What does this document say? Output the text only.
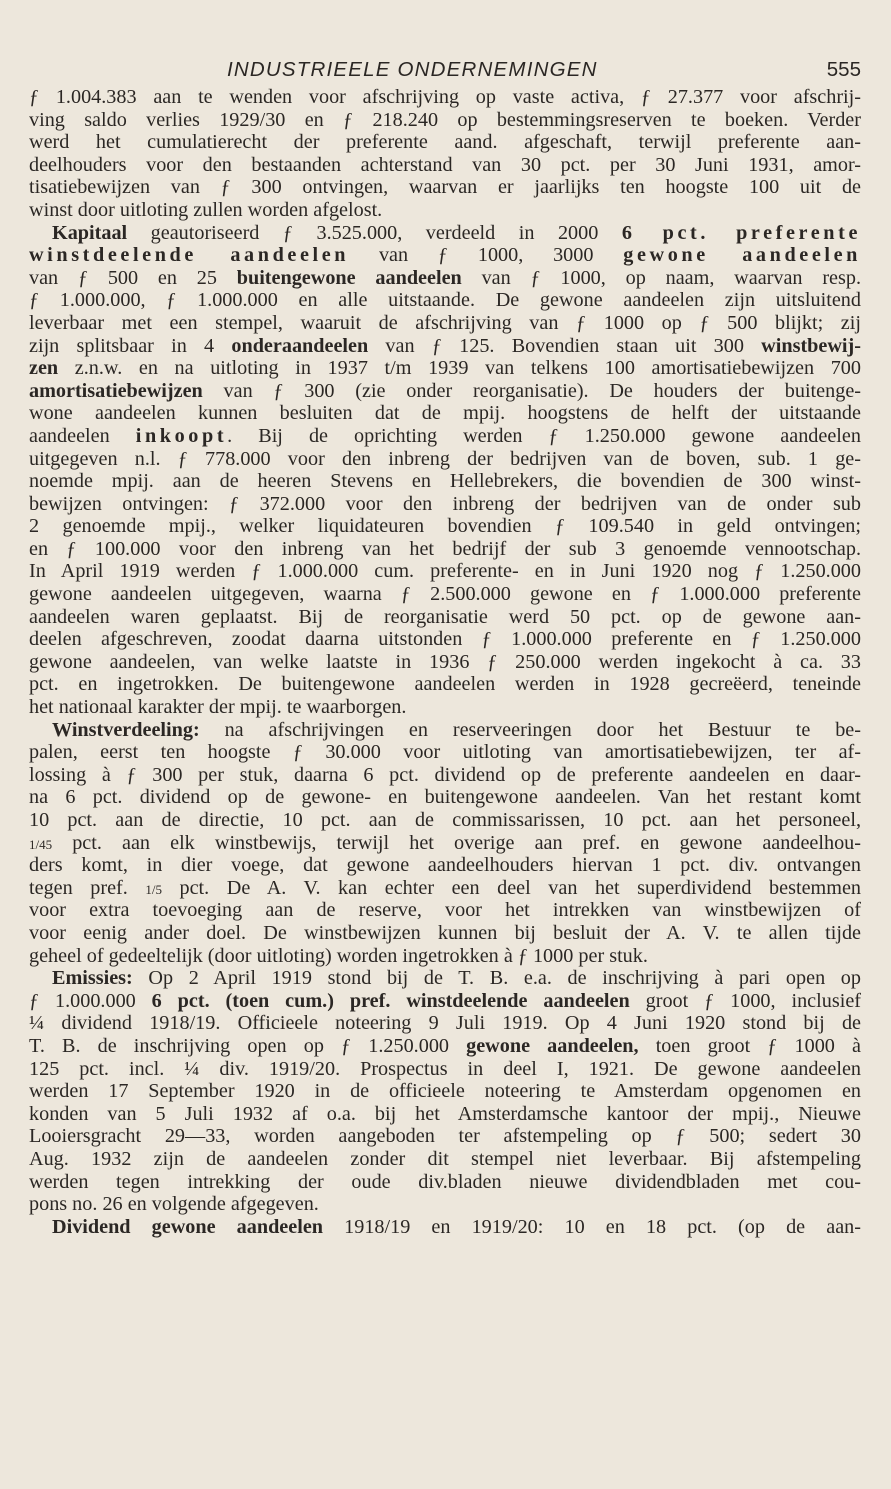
INDUSTRIEELE ONDERNEMINGEN	555
ƒ 1.004.383 aan te wenden voor afschrijving op vaste activa, ƒ 27.377 voor afschrij-
ving saldo verlies 1929/30 en ƒ 218.240 op bestemmingsreserven te boeken. Verder
werd het cumulatierecht der preferente aand. afgeschaft, terwijl preferente aan-
deelhouders voor den bestaanden achterstand van 30 pct. per 30 Juni 1931, amor-
tisatiebewijzen van ƒ 300 ontvingen, waarvan er jaarlijks ten hoogste 100 uit de
winst door uitloting zullen worden afgelost.
Kapitaal geautoriseerd ƒ 3.525.000, verdeeld in 2000 6 pct. preferente
winstdeelende aandeelen van ƒ 1000, 3000 gewone aandeelen
van ƒ 500 en 25 buitengewone aandeelen van ƒ 1000, op naam, waarvan resp.
ƒ 1.000.000, ƒ 1.000.000 en alle uitstaande. De gewone aandeelen zijn uitsluitend
leverbaar met een stempel, waaruit de afschrijving van ƒ 1000 op ƒ 500 blijkt; zij
zijn splitsbaar in 4 onderaandeelen van ƒ 125. Bovendien staan uit 300 winstbewij-
zen z.n.w. en na uitloting in 1937 t/m 1939 van telkens 100 amortisatiebewijzen 700
amortisatiebewijzen van ƒ 300 (zie onder reorganisatie). De houders der buitenge-
wone aandeelen kunnen besluiten dat de mpij. hoogstens de helft der uitstaande
aandeelen inkoopt. Bij de oprichting werden ƒ 1.250.000 gewone aandeelen
uitgegeven n.l. ƒ 778.000 voor den inbreng der bedrijven van de boven, sub. 1 ge-
noemde mpij. aan de heeren Stevens en Hellebrekers, die bovendien de 300 winst-
bewijzen ontvingen: ƒ 372.000 voor den inbreng der bedrijven van de onder sub
2 genoemde mpij., welker liquidateuren bovendien ƒ 109.540 in geld ontvingen;
en ƒ 100.000 voor den inbreng van het bedrijf der sub 3 genoemde vennootschap.
In April 1919 werden ƒ 1.000.000 cum. preferente- en in Juni 1920 nog ƒ 1.250.000
gewone aandeelen uitgegeven, waarna ƒ 2.500.000 gewone en ƒ 1.000.000 preferente
aandeelen waren geplaatst. Bij de reorganisatie werd 50 pct. op de gewone aan-
deelen afgeschreven, zoodat daarna uitstonden ƒ 1.000.000 preferente en ƒ 1.250.000
gewone aandeelen, van welke laatste in 1936 ƒ 250.000 werden ingekocht à ca. 33
pct. en ingetrokken. De buitengewone aandeelen werden in 1928 gecreëerd, teneinde
het nationaal karakter der mpij. te waarborgen.
Winstverdeeling: na afschrijvingen en reserveeringen door het Bestuur te be-
palen, eerst ten hoogste ƒ 30.000 voor uitloting van amortisatiebewijzen, ter af-
lossing à ƒ 300 per stuk, daarna 6 pct. dividend op de preferente aandeelen en daar-
na 6 pct. dividend op de gewone- en buitengewone aandeelen. Van het restant komt
10 pct. aan de directie, 10 pct. aan de commissarissen, 10 pct. aan het personeel,
1/45 pct. aan elk winstbewijs, terwijl het overige aan pref. en gewone aandeelhou-
ders komt, in dier voege, dat gewone aandeelhouders hiervan 1 pct. div. ontvangen
tegen pref. 1/5 pct. De A. V. kan echter een deel van het superdividend bestemmen
voor extra toevoeging aan de reserve, voor het intrekken van winstbewijzen of
voor eenig ander doel. De winstbewijzen kunnen bij besluit der A. V. te allen tijde
geheel of gedeeltelijk (door uitloting) worden ingetrokken à ƒ 1000 per stuk.
Emissies: Op 2 April 1919 stond bij de T. B. e.a. de inschrijving à pari open op
ƒ 1.000.000 6 pct. (toen cum.) pref. winstdeelende aandeelen groot ƒ 1000, inclusief
¼ dividend 1918/19. Officieele noteering 9 Juli 1919. Op 4 Juni 1920 stond bij de
T. B. de inschrijving open op ƒ 1.250.000 gewone aandeelen, toen groot ƒ 1000 à
125 pct. incl. ¼ div. 1919/20. Prospectus in deel I, 1921. De gewone aandeelen
werden 17 September 1920 in de officieele noteering te Amsterdam opgenomen en
konden van 5 Juli 1932 af o.a. bij het Amsterdamsche kantoor der mpij., Nieuwe
Looiersgracht 29—33, worden aangeboden ter afstempeling op ƒ 500; sedert 30
Aug. 1932 zijn de aandeelen zonder dit stempel niet leverbaar. Bij afstempeling
werden tegen intrekking der oude div.bladen nieuwe dividendbladen met cou-
pons no. 26 en volgende afgegeven.
Dividend gewone aandeelen 1918/19 en 1919/20: 10 en 18 pct. (op de aan-
